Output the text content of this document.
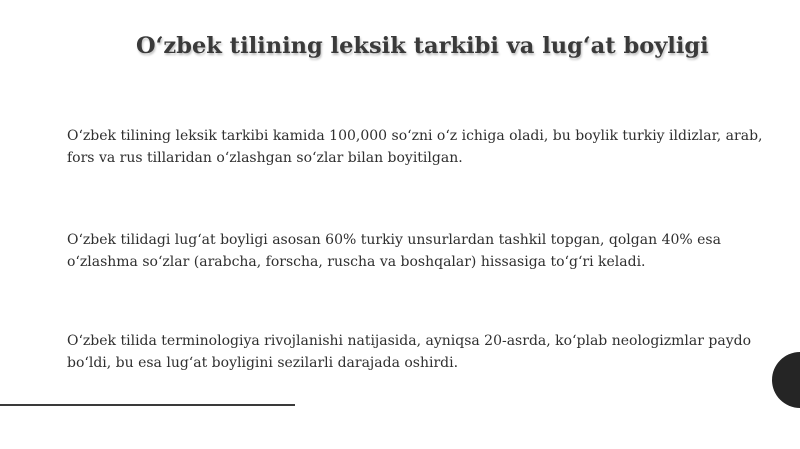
O‘zbek tilining leksik tarkibi va lug‘at boyligi

O‘zbek tilining leksik tarkibi kamida 100,000 so‘zni o‘z ichiga oladi, bu boylik turkiy ildizlar, arab, fors va rus tillaridan o‘zlashgan so‘zlar bilan boyitilgan.

O‘zbek tilidagi lug‘at boyligi asosan 60% turkiy unsurlardan tashkil topgan, qolgan 40% esa o‘zlashma so‘zlar (arabcha, forscha, ruscha va boshqalar) hissasiga to‘g‘ri keladi.

O‘zbek tilida terminologiya rivojlanishi natijasida, ayniqsa 20-asrda, ko‘plab neologizmlar paydo bo‘ldi, bu esa lug‘at boyligini sezilarli darajada oshirdi.
